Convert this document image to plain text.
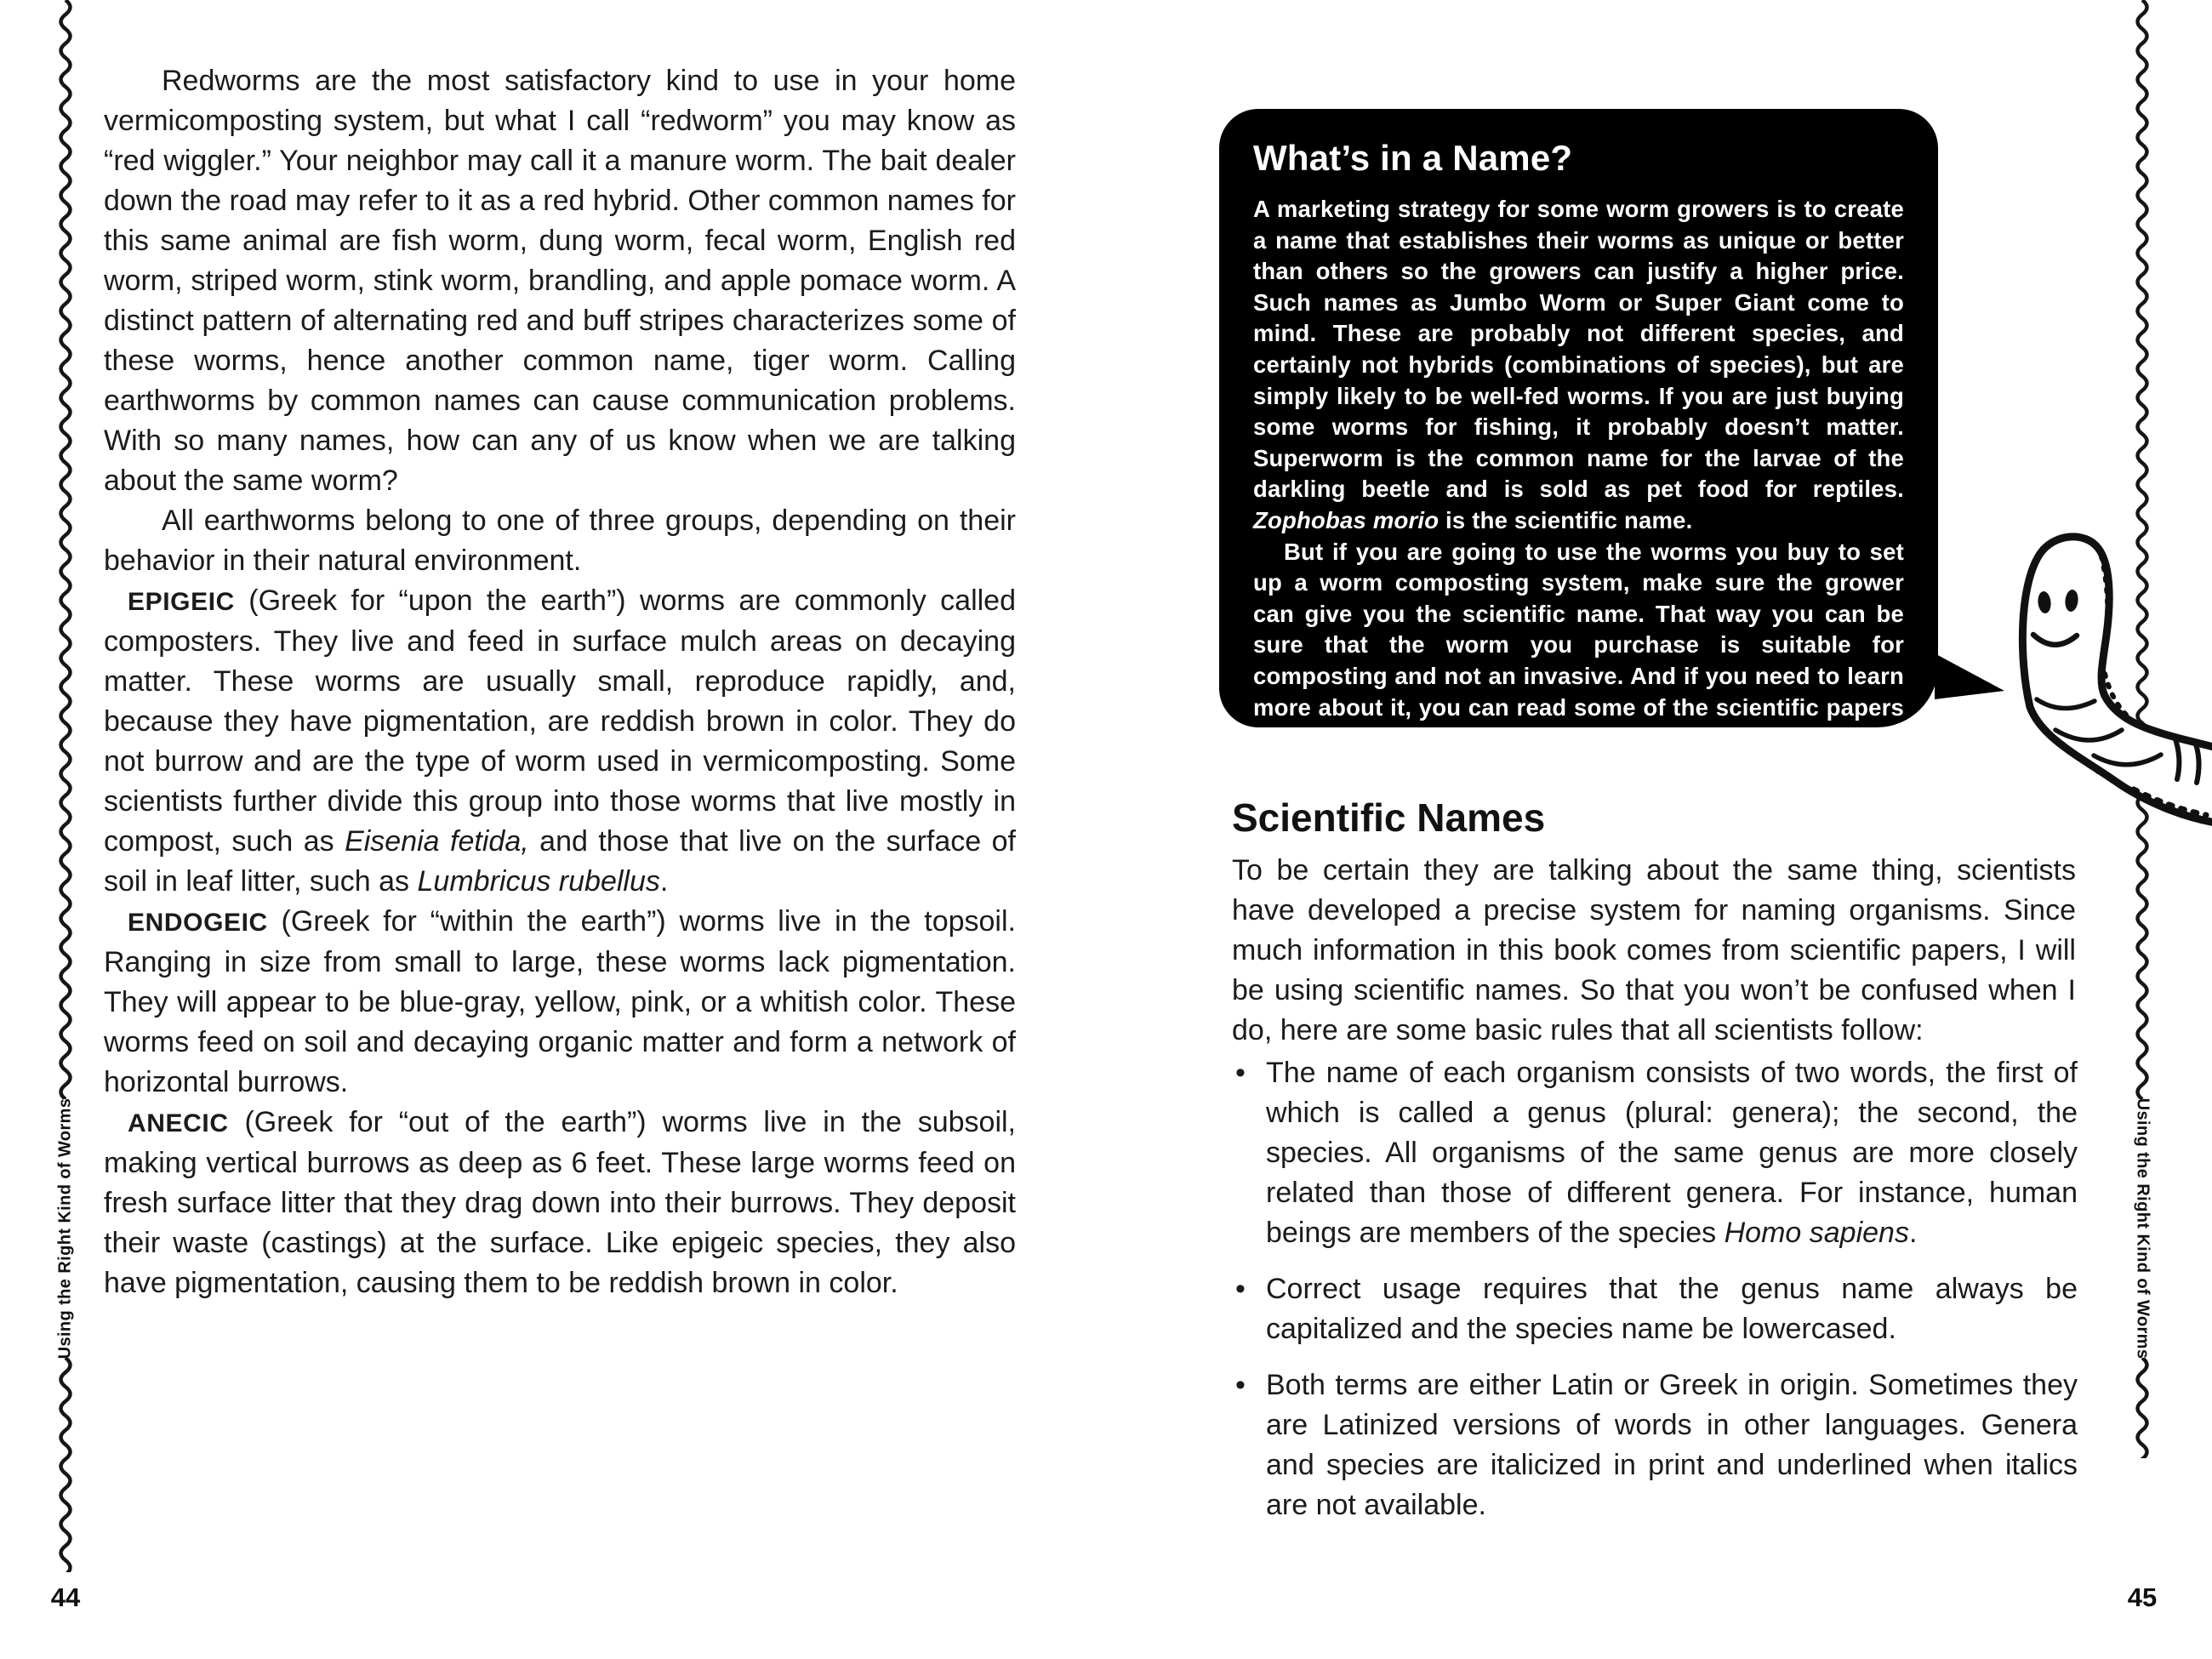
Using the Right Kind of Worms
44
Using the Right Kind of Worms
45

Redworms are the most satisfactory kind to use in your home vermicomposting system, but what I call “redworm” you may know as “red wiggler.” Your neighbor may call it a manure worm. The bait dealer down the road may refer to it as a red hybrid. Other common names for this same animal are fish worm, dung worm, fecal worm, English red worm, striped worm, stink worm, brandling, and apple pomace worm. A distinct pattern of alternating red and buff stripes characterizes some of these worms, hence another common name, tiger worm. Calling earthworms by common names can cause communication problems. With so many names, how can any of us know when we are talking about the same worm?

All earthworms belong to one of three groups, depending on their behavior in their natural environment.

EPIGEIC (Greek for “upon the earth”) worms are commonly called composters. They live and feed in surface mulch areas on decaying matter. These worms are usually small, reproduce rapidly, and, because they have pigmentation, are reddish brown in color. They do not burrow and are the type of worm used in vermicomposting. Some scientists further divide this group into those worms that live mostly in compost, such as Eisenia fetida, and those that live on the surface of soil in leaf litter, such as Lumbricus rubellus.

ENDOGEIC (Greek for “within the earth”) worms live in the topsoil. Ranging in size from small to large, these worms lack pigmentation. They will appear to be blue-gray, yellow, pink, or a whitish color. These worms feed on soil and decaying organic matter and form a network of horizontal burrows.

ANECIC (Greek for “out of the earth”) worms live in the subsoil, making vertical burrows as deep as 6 feet. These large worms feed on fresh surface litter that they drag down into their burrows. They deposit their waste (castings) at the surface. Like epigeic species, they also have pigmentation, causing them to be reddish brown in color.

What’s in a Name?

A marketing strategy for some worm growers is to create a name that establishes their worms as unique or better than others so the growers can justify a higher price. Such names as Jumbo Worm or Super Giant come to mind. These are probably not different species, and certainly not hybrids (combinations of species), but are simply likely to be well-fed worms. If you are just buying some worms for fishing, it probably doesn’t matter. Superworm is the common name for the larvae of the darkling beetle and is sold as pet food for reptiles. Zophobas morio is the scientific name.

But if you are going to use the worms you buy to set up a worm composting system, make sure the grower can give you the scientific name. That way you can be sure that the worm you purchase is suitable for composting and not an invasive. And if you need to learn more about it, you can read some of the scientific papers about your worm of choice.

Scientific Names
To be certain they are talking about the same thing, scientists have developed a precise system for naming organisms. Since much information in this book comes from scientific papers, I will be using scientific names. So that you won’t be confused when I do, here are some basic rules that all scientists follow:
• The name of each organism consists of two words, the first of which is called a genus (plural: genera); the second, the species. All organisms of the same genus are more closely related than those of different genera. For instance, human beings are members of the species Homo sapiens.
• Correct usage requires that the genus name always be capitalized and the species name be lowercased.
• Both terms are either Latin or Greek in origin. Sometimes they are Latinized versions of words in other languages. Genera and species are italicized in print and underlined when italics are not available.
